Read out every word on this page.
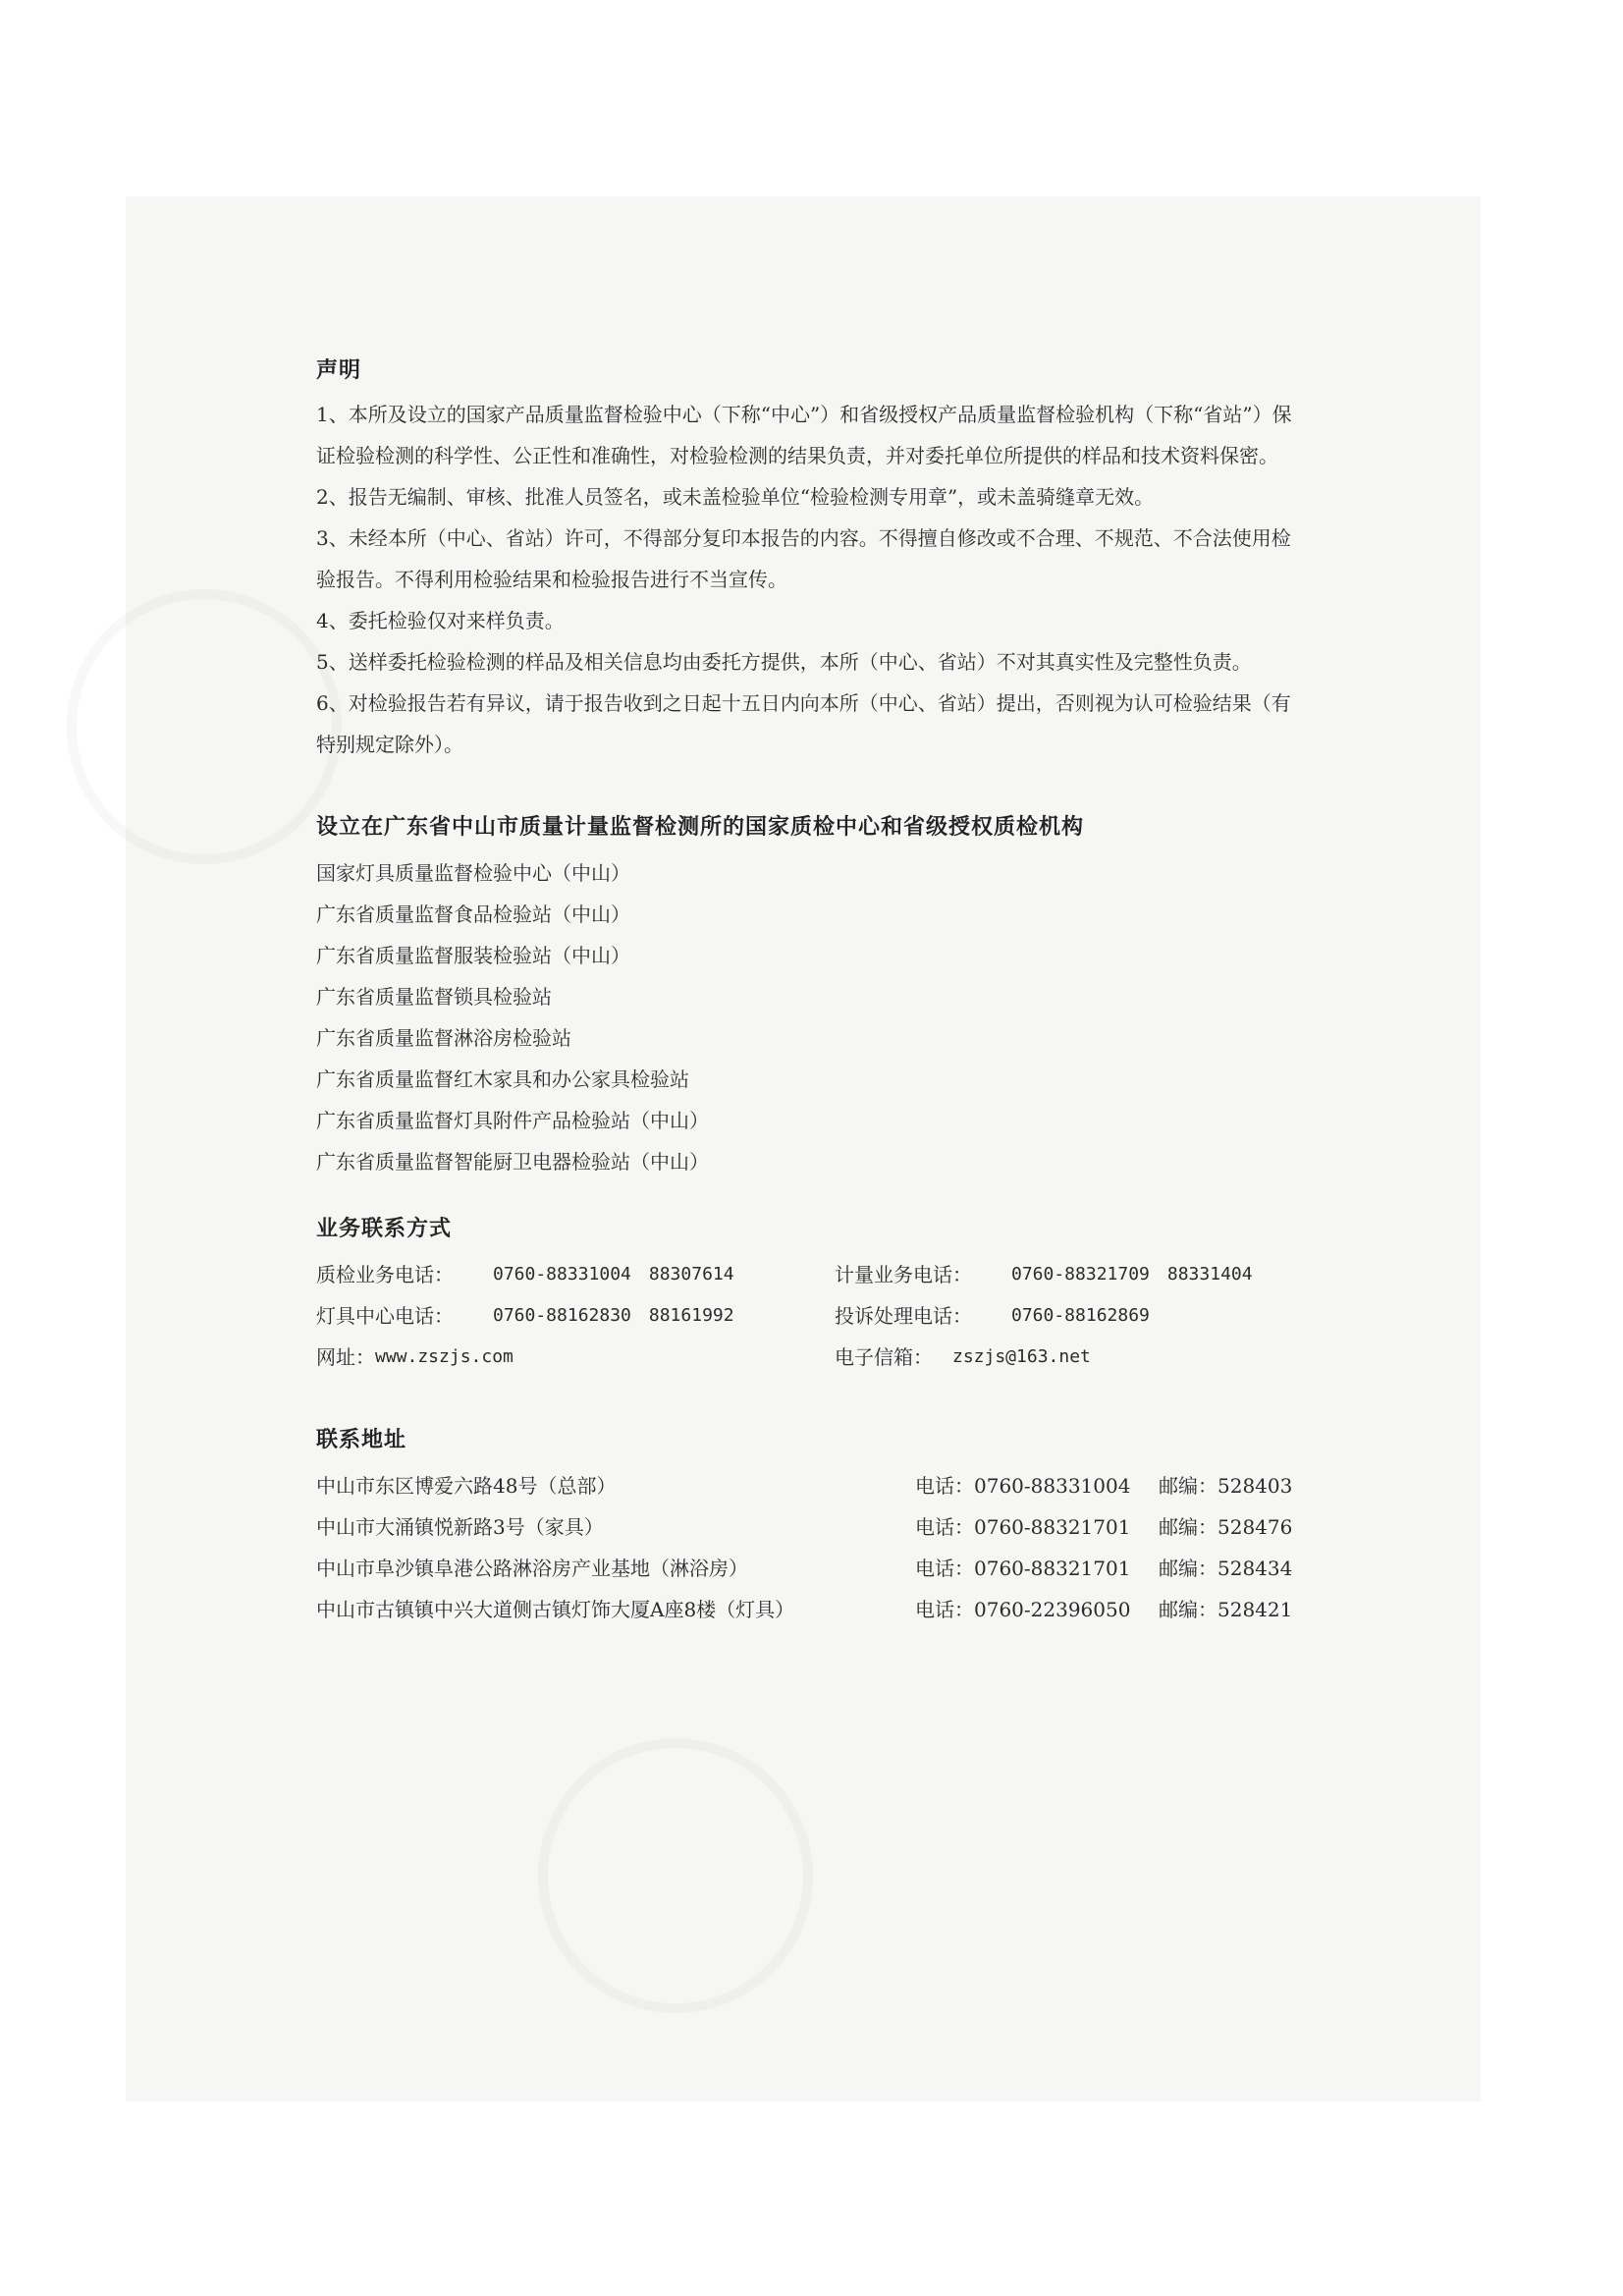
声明

1、本所及设立的国家产品质量监督检验中心（下称“中心”）和省级授权产品质量监督检验机构（下称“省站”）保证检验检测的科学性、公正性和准确性，对检验检测的结果负责，并对委托单位所提供的样品和技术资料保密。

2、报告无编制、审核、批准人员签名，或未盖检验单位“检验检测专用章”，或未盖骑缝章无效。

3、未经本所（中心、省站）许可，不得部分复印本报告的内容。不得擅自修改或不合理、不规范、不合法使用检验报告。不得利用检验结果和检验报告进行不当宣传。

4、委托检验仅对来样负责。

5、送样委托检验检测的样品及相关信息均由委托方提供，本所（中心、省站）不对其真实性及完整性负责。

6、对检验报告若有异议，请于报告收到之日起十五日内向本所（中心、省站）提出，否则视为认可检验结果（有特别规定除外）。

设立在广东省中山市质量计量监督检测所的国家质检中心和省级授权质检机构
国家灯具质量监督检验中心（中山）
广东省质量监督食品检验站（中山）
广东省质量监督服装检验站（中山）
广东省质量监督锁具检验站
广东省质量监督淋浴房检验站
广东省质量监督红木家具和办公家具检验站
广东省质量监督灯具附件产品检验站（中山）
广东省质量监督智能厨卫电器检验站（中山）
业务联系方式
质检业务电话： 0760-88331004　88307614	计量业务电话： 0760-88321709　88331404
灯具中心电话： 0760-88162830　88161992	投诉处理电话： 0760-88162869
网址： www.zszjs.com	电子信箱： zszjs@163.net
联系地址
中山市东区博爱六路48号（总部）	电话：0760-88331004 邮编：528403
中山市大涌镇悦新路3号（家具）	电话：0760-88321701 邮编：528476
中山市阜沙镇阜港公路淋浴房产业基地（淋浴房）	电话：0760-88321701 邮编：528434
中山市古镇镇中兴大道侧古镇灯饰大厦A座8楼（灯具）	电话：0760-22396050 邮编：528421
